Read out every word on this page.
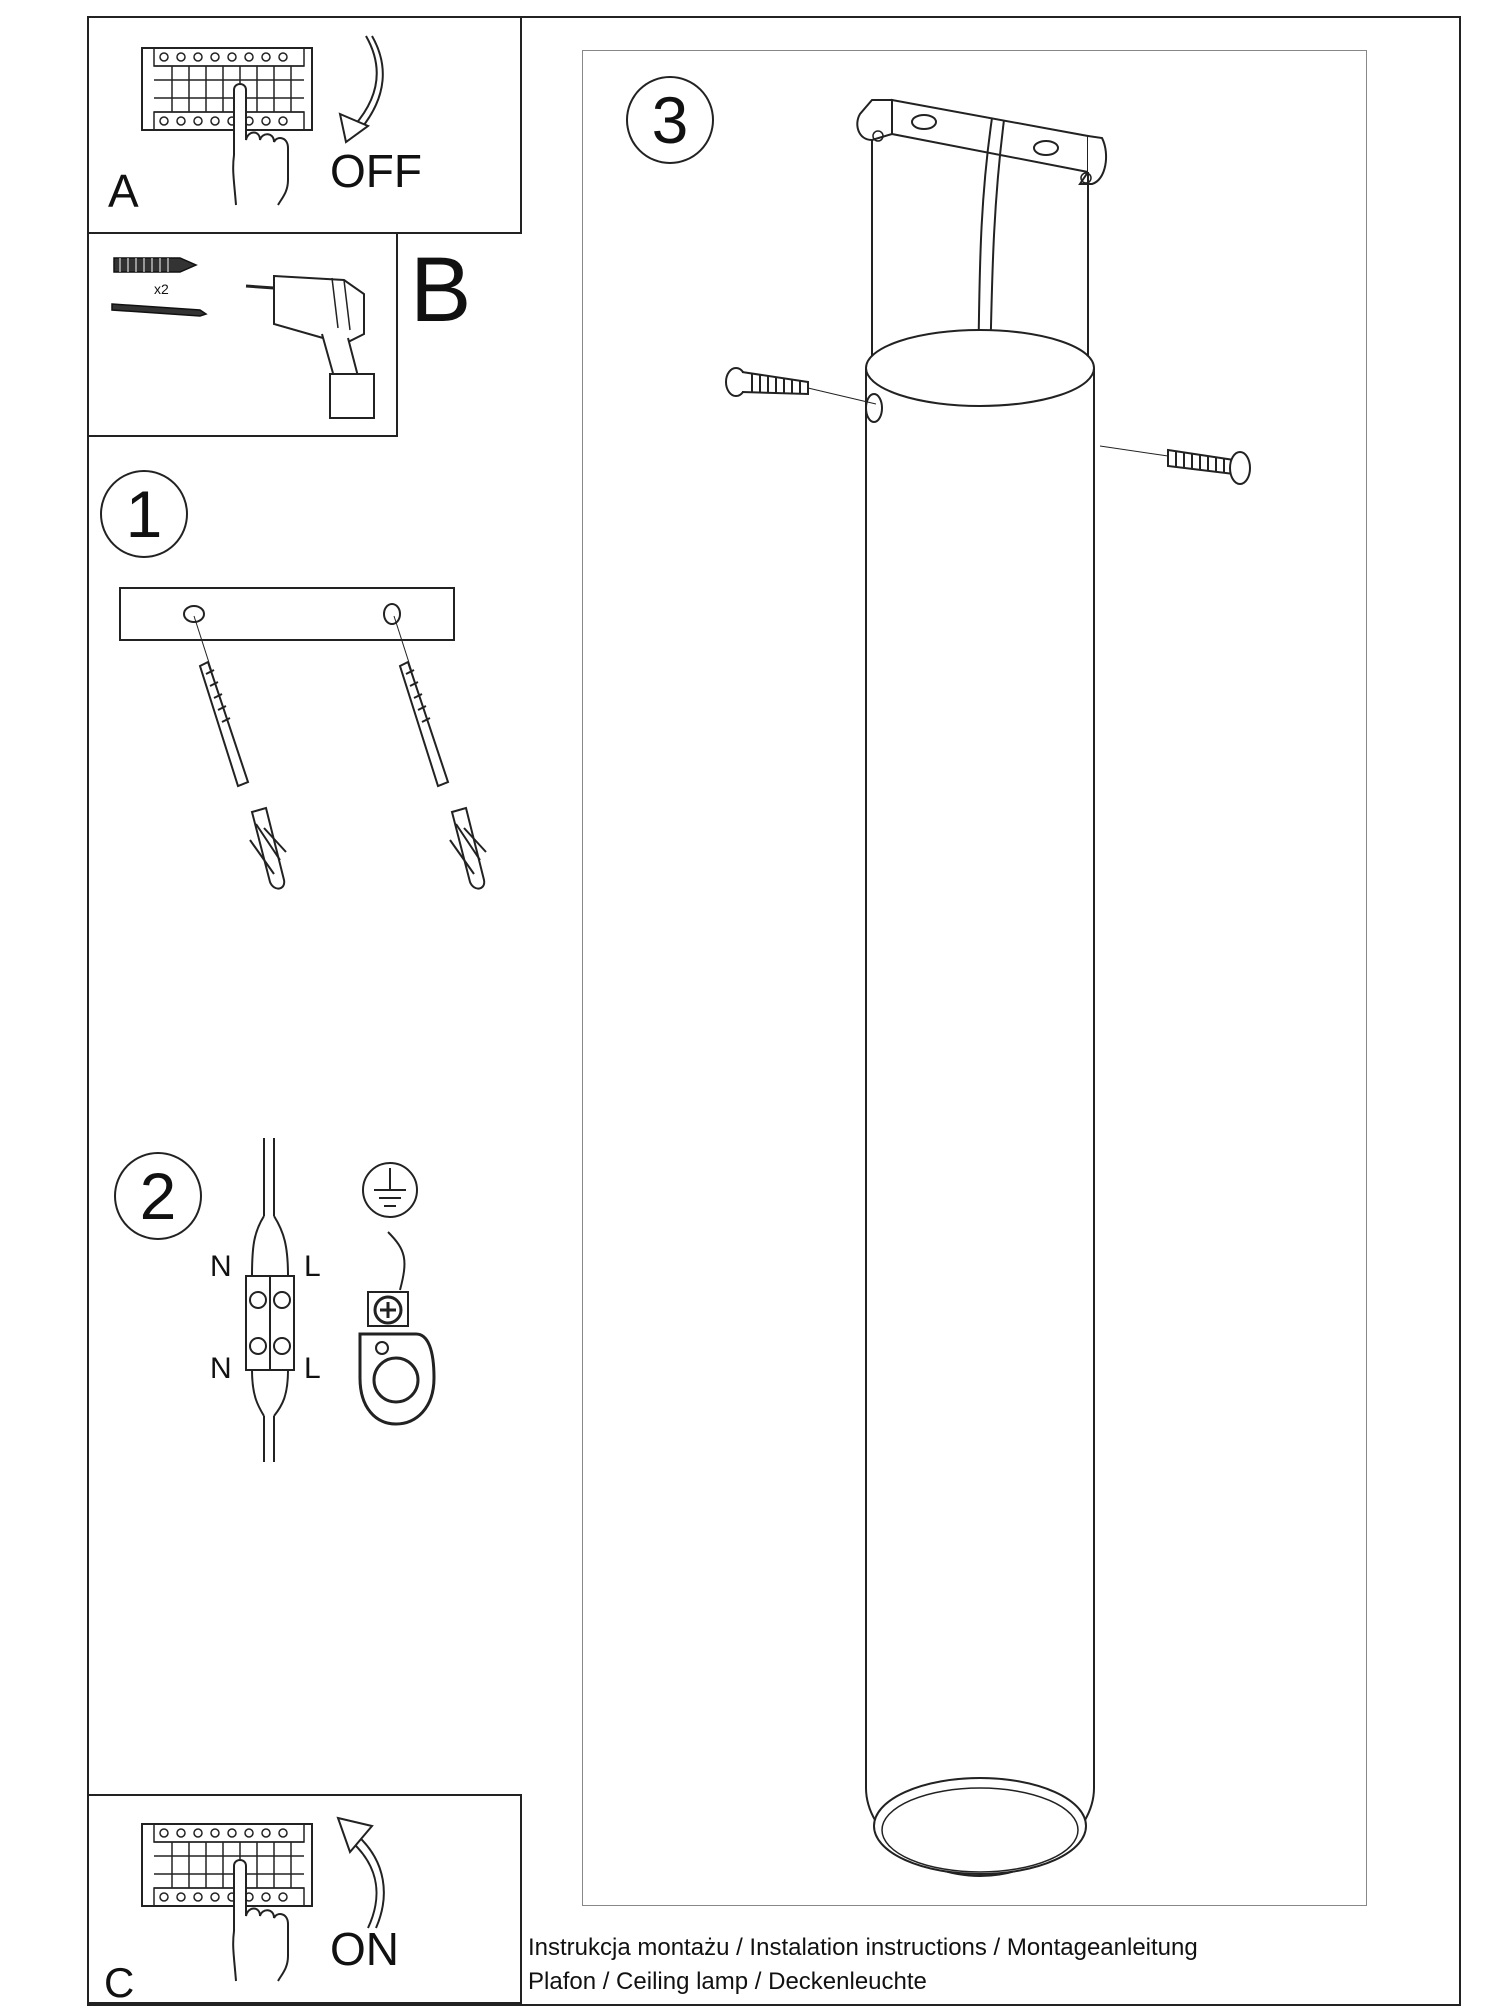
OFF
A
x2	B
1
2
N L
N L
3
ON
C
Instrukcja montażu / Instalation instructions / Montageanleitung
Plafon / Ceiling lamp / Deckenleuchte
